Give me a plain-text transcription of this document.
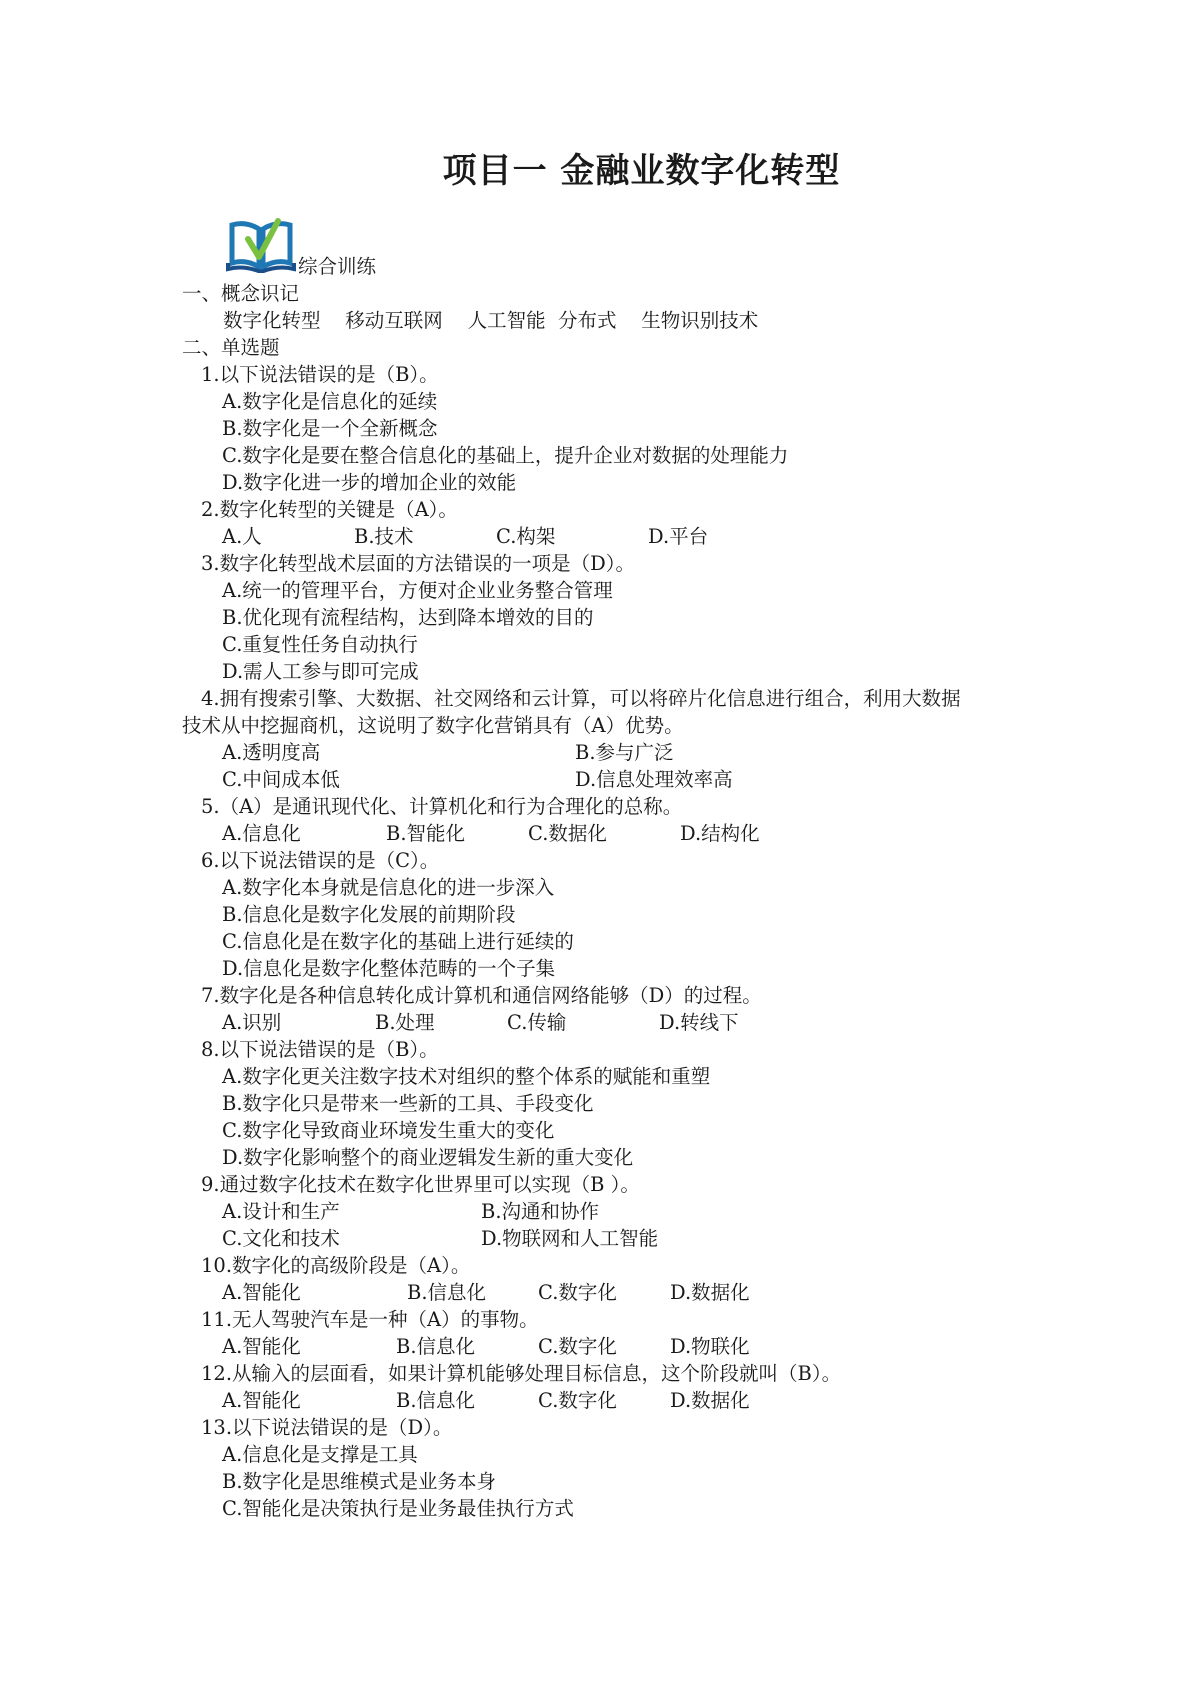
项目一 金融业数字化转型
综合训练
一、概念识记
数字化转型    移动互联网    人工智能  分布式    生物识别技术
二、单选题
1.以下说法错误的是（B）。
A.数字化是信息化的延续
B.数字化是一个全新概念
C.数字化是要在整合信息化的基础上，提升企业对数据的处理能力
D.数字化进一步的增加企业的效能
2.数字化转型的关键是（A）。
A.人	B.技术	C.构架	D.平台
3.数字化转型战术层面的方法错误的一项是（D）。
A.统一的管理平台，方便对企业业务整合管理
B.优化现有流程结构，达到降本增效的目的
C.重复性任务自动执行
D.需人工参与即可完成
4.拥有搜索引擎、大数据、社交网络和云计算，可以将碎片化信息进行组合，利用大数据
技术从中挖掘商机，这说明了数字化营销具有（A）优势。
A.透明度高	B.参与广泛
C.中间成本低	D.信息处理效率高
5.（A）是通讯现代化、计算机化和行为合理化的总称。
A.信息化	B.智能化	C.数据化	D.结构化
6.以下说法错误的是（C）。
A.数字化本身就是信息化的进一步深入
B.信息化是数字化发展的前期阶段
C.信息化是在数字化的基础上进行延续的
D.信息化是数字化整体范畴的一个子集
7.数字化是各种信息转化成计算机和通信网络能够（D）的过程。
A.识别	B.处理	C.传输	D.转线下
8.以下说法错误的是（B）。
A.数字化更关注数字技术对组织的整个体系的赋能和重塑
B.数字化只是带来一些新的工具、手段变化
C.数字化导致商业环境发生重大的变化
D.数字化影响整个的商业逻辑发生新的重大变化
9.通过数字化技术在数字化世界里可以实现（B ）。
A.设计和生产	B.沟通和协作
C.文化和技术	D.物联网和人工智能
10.数字化的高级阶段是（A）。
A.智能化	B.信息化	C.数字化	D.数据化
11.无人驾驶汽车是一种（A）的事物。
A.智能化	B.信息化	C.数字化	D.物联化
12.从输入的层面看，如果计算机能够处理目标信息，这个阶段就叫（B）。
A.智能化	B.信息化	C.数字化	D.数据化
13.以下说法错误的是（D）。
A.信息化是支撑是工具
B.数字化是思维模式是业务本身
C.智能化是决策执行是业务最佳执行方式
